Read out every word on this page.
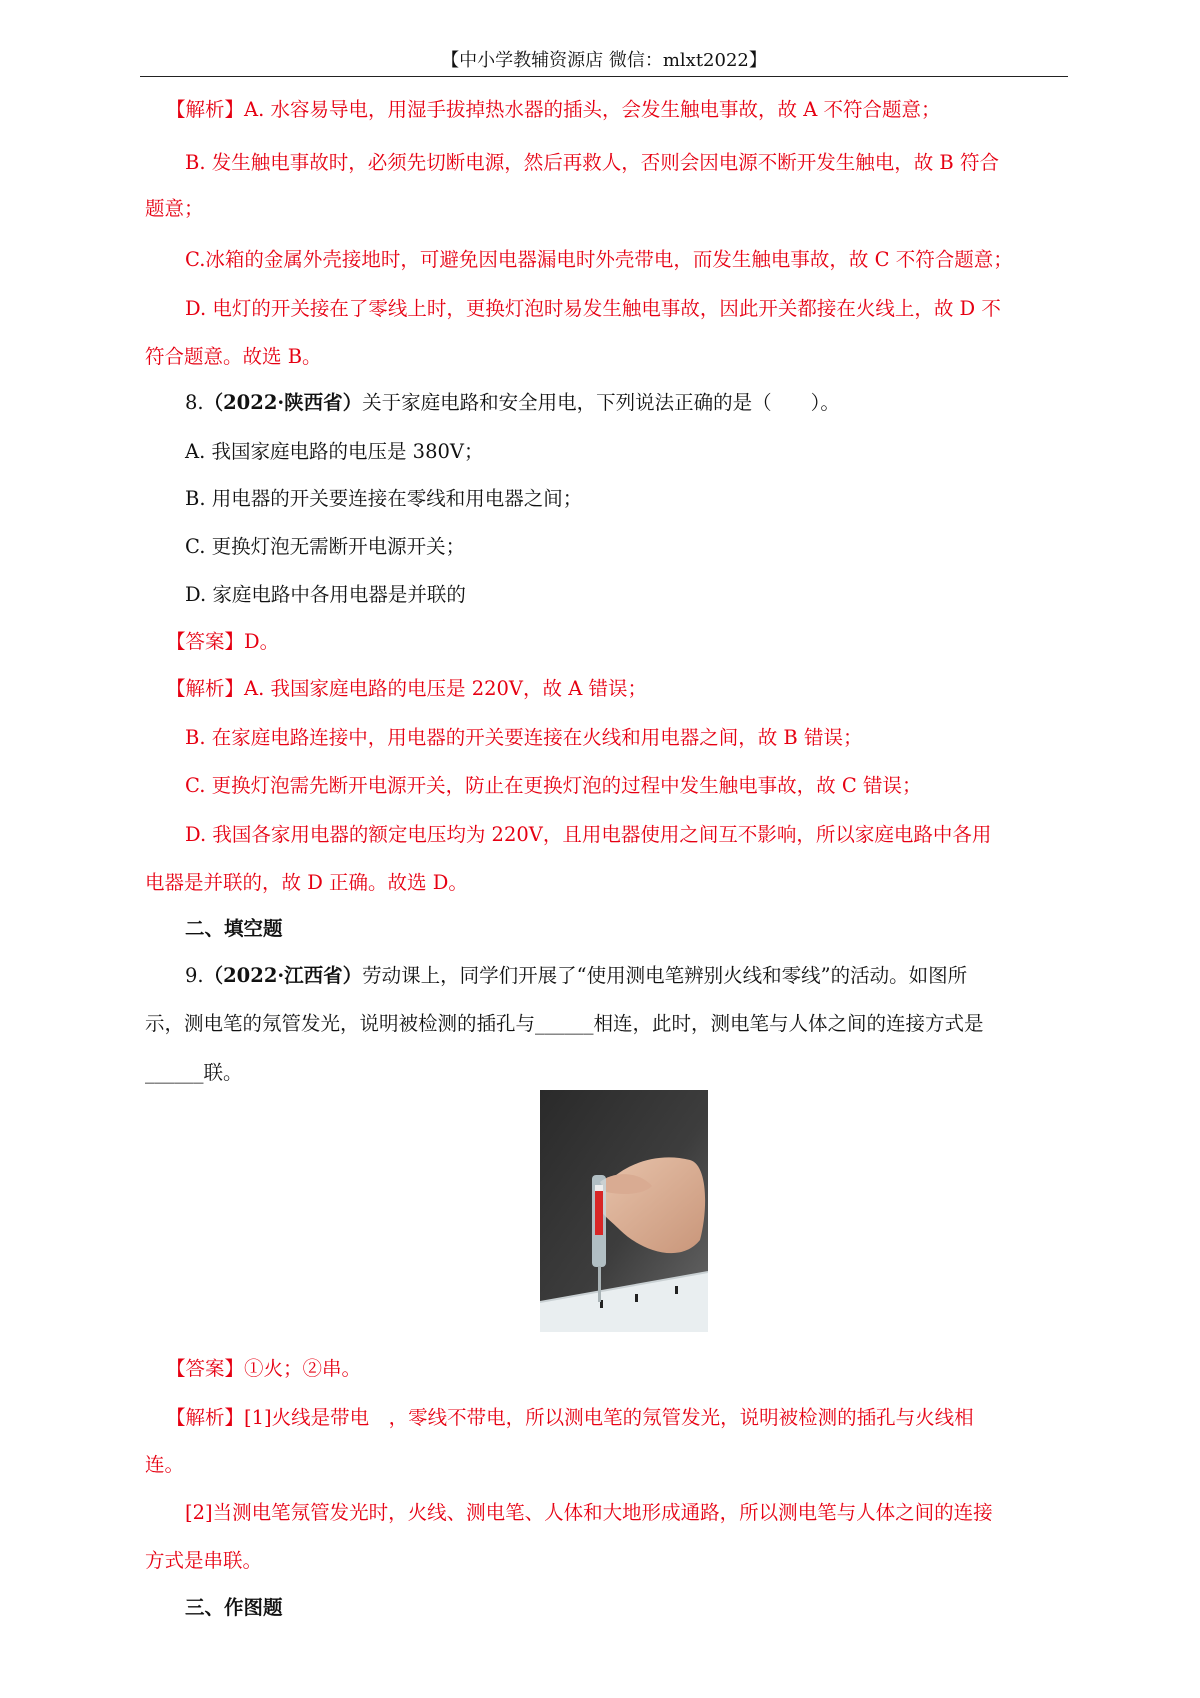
【中小学教辅资源店 微信：mlxt2022】
【解析】A. 水容易导电，用湿手拔掉热水器的插头，会发生触电事故，故 A 不符合题意；
B. 发生触电事故时，必须先切断电源，然后再救人，否则会因电源不断开发生触电，故 B 符合
题意；
C.冰箱的金属外壳接地时，可避免因电器漏电时外壳带电，而发生触电事故，故 C 不符合题意；
D. 电灯的开关接在了零线上时，更换灯泡时易发生触电事故，因此开关都接在火线上，故 D 不
符合题意。故选 B。
8.（2022·陕西省）关于家庭电路和安全用电，下列说法正确的是（　　）。
A. 我国家庭电路的电压是 380V；
B. 用电器的开关要连接在零线和用电器之间；
C. 更换灯泡无需断开电源开关；
D. 家庭电路中各用电器是并联的
【答案】D。
【解析】A. 我国家庭电路的电压是 220V，故 A 错误；
B. 在家庭电路连接中，用电器的开关要连接在火线和用电器之间，故 B 错误；
C. 更换灯泡需先断开电源开关，防止在更换灯泡的过程中发生触电事故，故 C 错误；
D. 我国各家用电器的额定电压均为 220V，且用电器使用之间互不影响，所以家庭电路中各用
电器是并联的，故 D 正确。故选 D。
二、填空题
9.（2022·江西省）劳动课上，同学们开展了“使用测电笔辨别火线和零线”的活动。如图所
示，测电笔的氖管发光，说明被检测的插孔与______相连，此时，测电笔与人体之间的连接方式是
______联。
【答案】①火；②串。
【解析】[1]火线是带电　，零线不带电，所以测电笔的氖管发光，说明被检测的插孔与火线相
连。
[2]当测电笔氖管发光时，火线、测电笔、人体和大地形成通路，所以测电笔与人体之间的连接
方式是串联。
三、作图题
